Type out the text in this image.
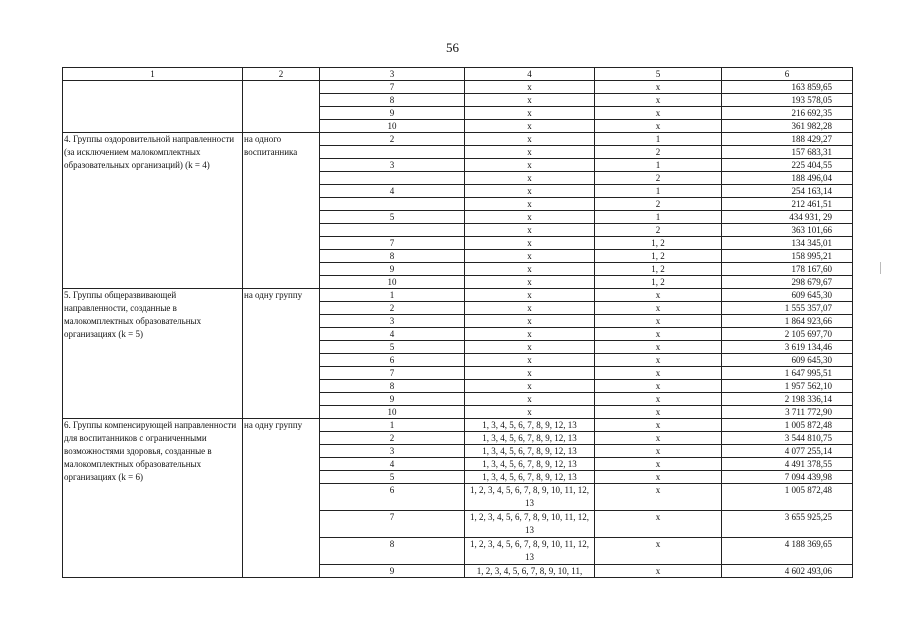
56
1	2	3	4	5	6
		7	x	x	163 859,65
		8	x	x	193 578,05
		9	x	x	216 692,35
		10	x	x	361 982,28
4. Группы оздоровительной направленности (за исключением малокомплектных образовательных организаций) (k = 4)	на одного воспитанника	2	x	1	188 429,27
			x	2	157 683,31
		3	x	1	225 404,55
			x	2	188 496,04
		4	x	1	254 163,14
			x	2	212 461,51
		5	x	1	434 931, 29
			x	2	363 101,66
		7	x	1, 2	134 345,01
		8	x	1, 2	158 995,21
		9	x	1, 2	178 167,60
		10	x	1, 2	298 679,67
5. Группы общеразвивающей направленности, созданные в малокомплектных образовательных организациях (k = 5)	на одну группу	1	x	x	609 645,30
		2	x	x	1 555 357,07
		3	x	x	1 864 923,66
		4	x	x	2 105 697,70
		5	x	x	3 619 134,46
		6	x	x	609 645,30
		7	x	x	1 647 995,51
		8	x	x	1 957 562,10
		9	x	x	2 198 336,14
		10	x	x	3 711 772,90
6. Группы компенсирующей направленности для воспитанников с ограниченными возможностями здоровья, созданные в малокомплектных образовательных организациях (k = 6)	на одну группу	1	1, 3, 4, 5, 6, 7, 8, 9, 12, 13	x	1 005 872,48
		2	1, 3, 4, 5, 6, 7, 8, 9, 12, 13	x	3 544 810,75
		3	1, 3, 4, 5, 6, 7, 8, 9, 12, 13	x	4 077 255,14
		4	1, 3, 4, 5, 6, 7, 8, 9, 12, 13	x	4 491 378,55
		5	1, 3, 4, 5, 6, 7, 8, 9, 12, 13	x	7 094 439,98
		6	1, 2, 3, 4, 5, 6, 7, 8, 9, 10, 11, 12, 13	x	1 005 872,48
		7	1, 2, 3, 4, 5, 6, 7, 8, 9, 10, 11, 12, 13	x	3 655 925,25
		8	1, 2, 3, 4, 5, 6, 7, 8, 9, 10, 11, 12, 13	x	4 188 369,65
		9	1, 2, 3, 4, 5, 6, 7, 8, 9, 10, 11,	x	4 602 493,06
